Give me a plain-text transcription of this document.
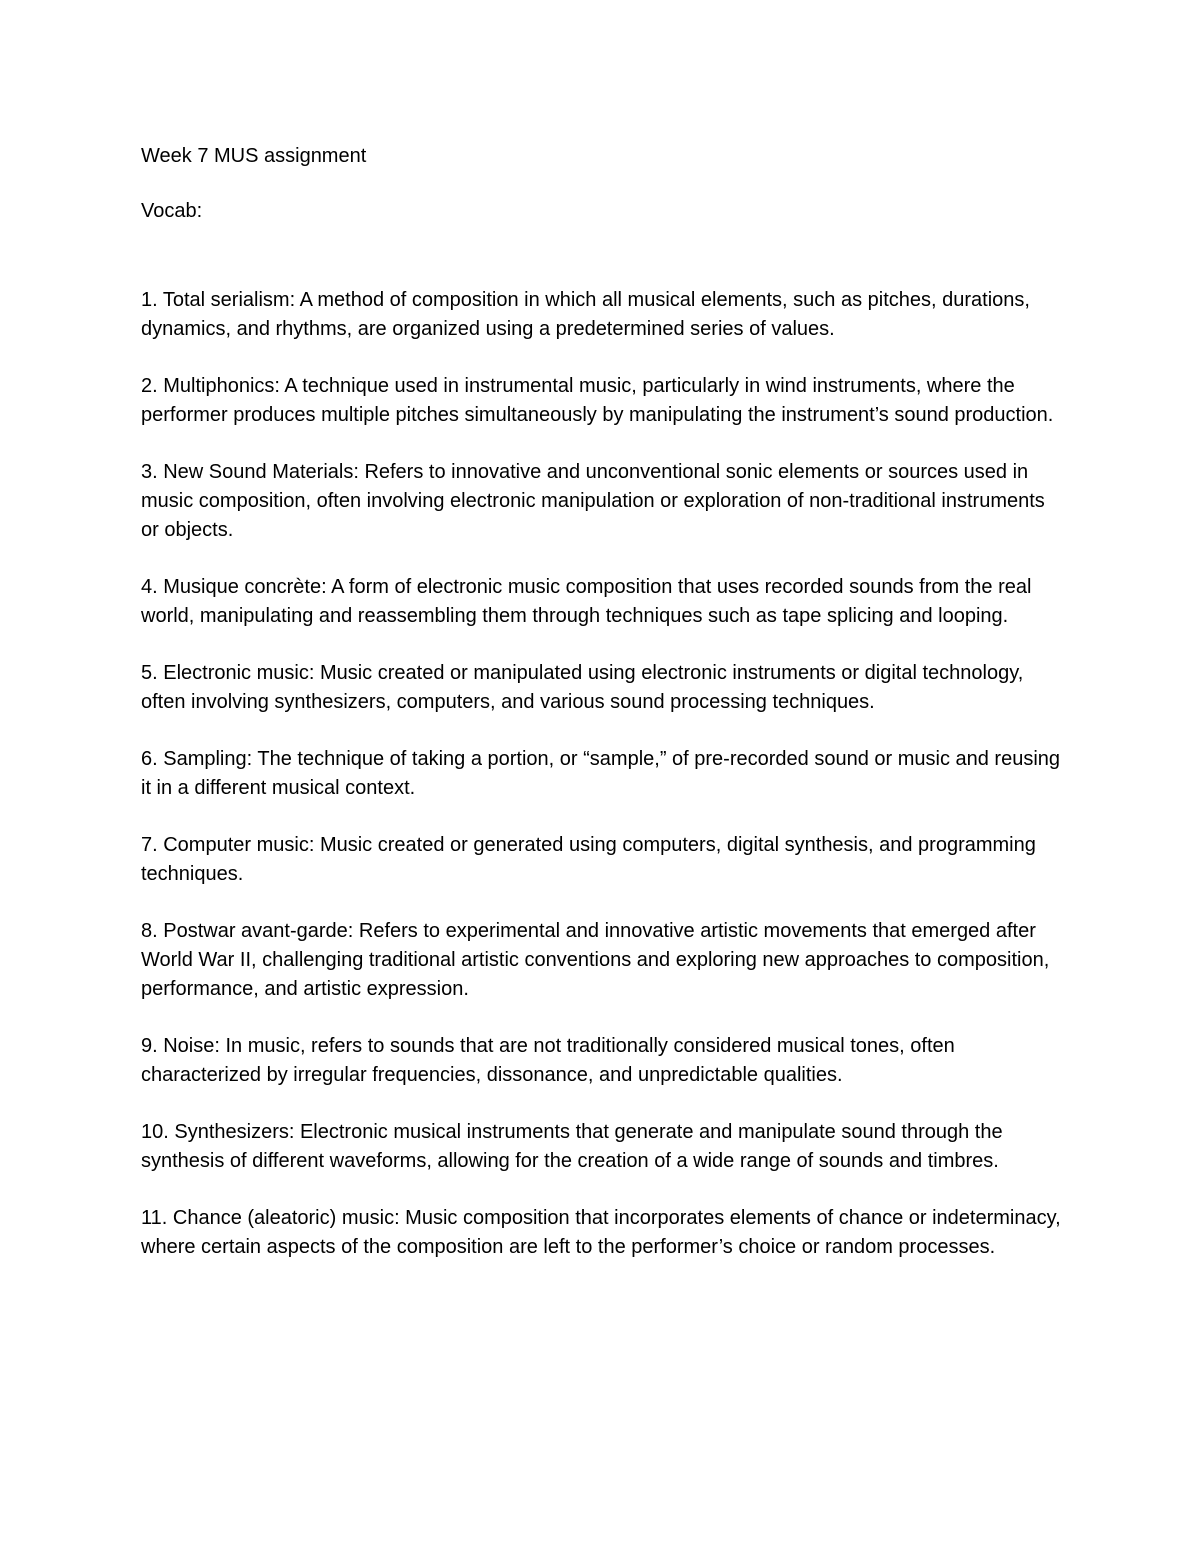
Week 7 MUS assignment

Vocab:

1. Total serialism: A method of composition in which all musical elements, such as pitches, durations, dynamics, and rhythms, are organized using a predetermined series of values.
2. Multiphonics: A technique used in instrumental music, particularly in wind instruments, where the performer produces multiple pitches simultaneously by manipulating the instrument’s sound production.
3. New Sound Materials: Refers to innovative and unconventional sonic elements or sources used in music composition, often involving electronic manipulation or exploration of non-traditional instruments or objects.
4. Musique concrète: A form of electronic music composition that uses recorded sounds from the real world, manipulating and reassembling them through techniques such as tape splicing and looping.
5. Electronic music: Music created or manipulated using electronic instruments or digital technology, often involving synthesizers, computers, and various sound processing techniques.
6. Sampling: The technique of taking a portion, or “sample,” of pre-recorded sound or music and reusing it in a different musical context.
7. Computer music: Music created or generated using computers, digital synthesis, and programming techniques.
8. Postwar avant-garde: Refers to experimental and innovative artistic movements that emerged after World War II, challenging traditional artistic conventions and exploring new approaches to composition, performance, and artistic expression.
9. Noise: In music, refers to sounds that are not traditionally considered musical tones, often characterized by irregular frequencies, dissonance, and unpredictable qualities.
10. Synthesizers: Electronic musical instruments that generate and manipulate sound through the synthesis of different waveforms, allowing for the creation of a wide range of sounds and timbres.
11. Chance (aleatoric) music: Music composition that incorporates elements of chance or indeterminacy, where certain aspects of the composition are left to the performer’s choice or random processes.
